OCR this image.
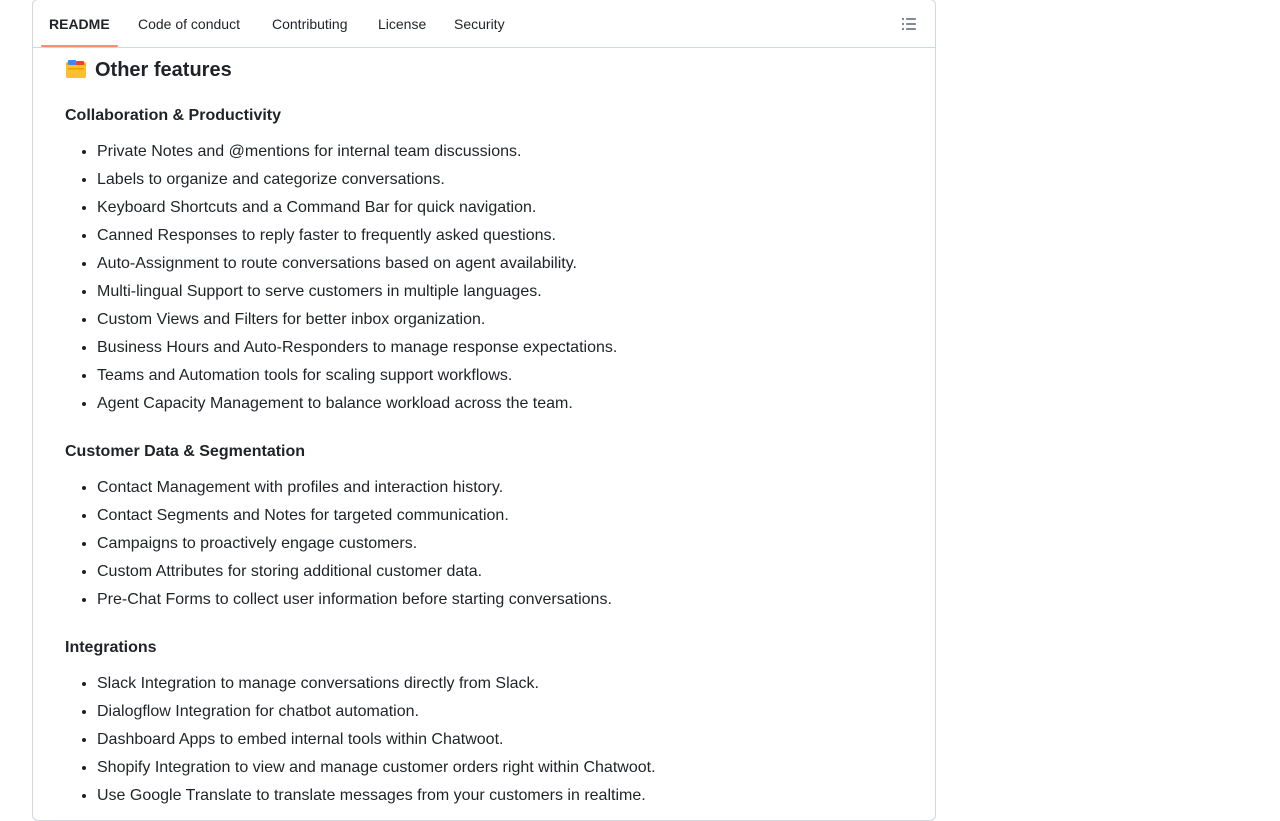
README Code of conduct Contributing License Security
Other features
Collaboration & Productivity
• Private Notes and @mentions for internal team discussions.
• Labels to organize and categorize conversations.
• Keyboard Shortcuts and a Command Bar for quick navigation.
• Canned Responses to reply faster to frequently asked questions.
• Auto-Assignment to route conversations based on agent availability.
• Multi-lingual Support to serve customers in multiple languages.
• Custom Views and Filters for better inbox organization.
• Business Hours and Auto-Responders to manage response expectations.
• Teams and Automation tools for scaling support workflows.
• Agent Capacity Management to balance workload across the team.
Customer Data & Segmentation
• Contact Management with profiles and interaction history.
• Contact Segments and Notes for targeted communication.
• Campaigns to proactively engage customers.
• Custom Attributes for storing additional customer data.
• Pre-Chat Forms to collect user information before starting conversations.
Integrations
• Slack Integration to manage conversations directly from Slack.
• Dialogflow Integration for chatbot automation.
• Dashboard Apps to embed internal tools within Chatwoot.
• Shopify Integration to view and manage customer orders right within Chatwoot.
• Use Google Translate to translate messages from your customers in realtime.
